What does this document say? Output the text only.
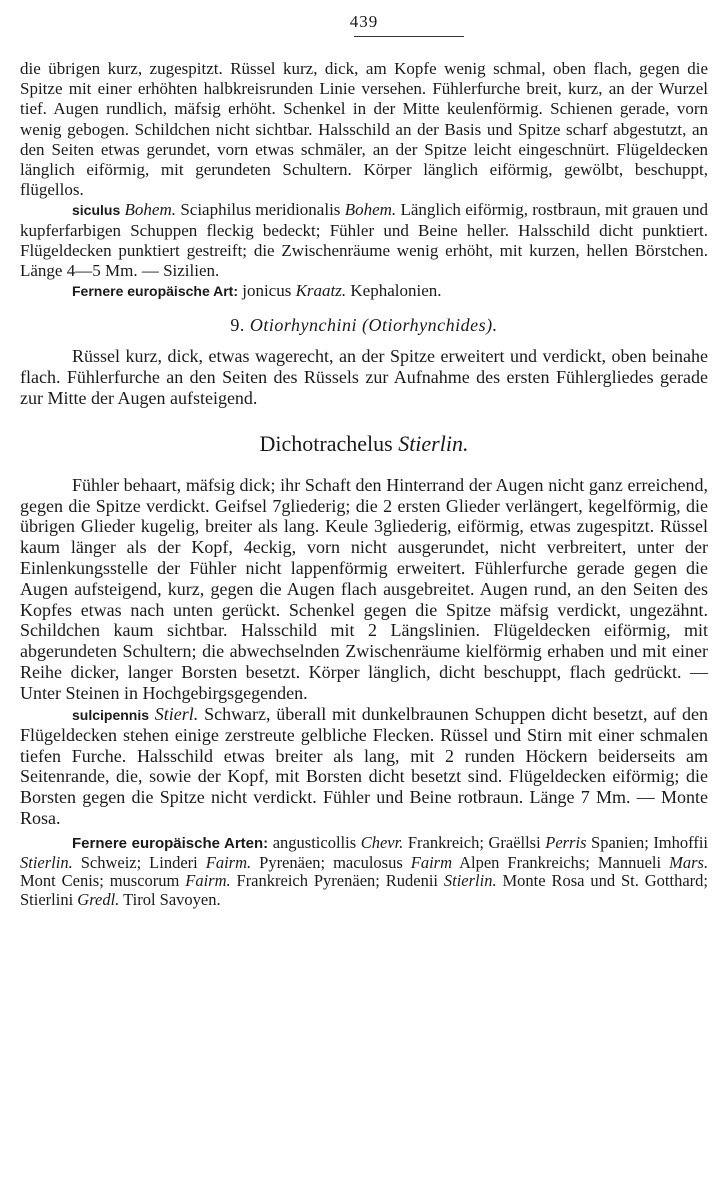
439

die übrigen kurz, zugespitzt. Rüssel kurz, dick, am Kopfe wenig schmal, oben flach, gegen die Spitze mit einer erhöhten halbkreisrunden Linie versehen. Fühlerfurche breit, kurz, an der Wurzel tief. Augen rundlich, mäfsig erhöht. Schenkel in der Mitte keulenförmig. Schienen gerade, vorn wenig gebogen. Schildchen nicht sichtbar. Halsschild an der Basis und Spitze scharf abgestutzt, an den Seiten etwas gerundet, vorn etwas schmäler, an der Spitze leicht eingeschnürt. Flügeldecken länglich eiförmig, mit gerundeten Schultern. Körper länglich eiförmig, gewölbt, beschuppt, flügellos.

siculus Bohem. Sciaphilus meridionalis Bohem. Länglich eiförmig, rostbraun, mit grauen und kupferfarbigen Schuppen fleckig bedeckt; Fühler und Beine heller. Halsschild dicht punktiert. Flügeldecken punktiert gestreift; die Zwischenräume wenig erhöht, mit kurzen, hellen Börstchen. Länge 4—5 Mm. — Sizilien.

Fernere europäische Art: jonicus Kraatz. Kephalonien.

9. Otiorhynchini (Otiorhynchides).

Rüssel kurz, dick, etwas wagerecht, an der Spitze erweitert und verdickt, oben beinahe flach. Fühlerfurche an den Seiten des Rüssels zur Aufnahme des ersten Fühlergliedes gerade zur Mitte der Augen aufsteigend.

Dichotrachelus Stierlin.

Fühler behaart, mäfsig dick; ihr Schaft den Hinterrand der Augen nicht ganz erreichend, gegen die Spitze verdickt. Geifsel 7gliederig; die 2 ersten Glieder verlängert, kegelförmig, die übrigen Glieder kugelig, breiter als lang. Keule 3gliederig, eiförmig, etwas zugespitzt. Rüssel kaum länger als der Kopf, 4eckig, vorn nicht ausgerundet, nicht verbreitert, unter der Einlenkungsstelle der Fühler nicht lappenförmig erweitert. Fühlerfurche gerade gegen die Augen aufsteigend, kurz, gegen die Augen flach ausgebreitet. Augen rund, an den Seiten des Kopfes etwas nach unten gerückt. Schenkel gegen die Spitze mäfsig verdickt, ungezähnt. Schildchen kaum sichtbar. Halsschild mit 2 Längslinien. Flügeldecken eiförmig, mit abgerundeten Schultern; die abwechselnden Zwischenräume kielförmig erhaben und mit einer Reihe dicker, langer Borsten besetzt. Körper länglich, dicht beschuppt, flach gedrückt. — Unter Steinen in Hochgebirgsgegenden.

sulcipennis Stierl. Schwarz, überall mit dunkelbraunen Schuppen dicht besetzt, auf den Flügeldecken stehen einige zerstreute gelbliche Flecken. Rüssel und Stirn mit einer schmalen tiefen Furche. Halsschild etwas breiter als lang, mit 2 runden Höckern beiderseits am Seitenrande, die, sowie der Kopf, mit Borsten dicht besetzt sind. Flügeldecken eiförmig; die Borsten gegen die Spitze nicht verdickt. Fühler und Beine rotbraun. Länge 7 Mm. — Monte Rosa.

Fernere europäische Arten: angusticollis Chevr. Frankreich; Graëllsi Perris Spanien; Imhoffii Stierlin. Schweiz; Linderi Fairm. Pyrenäen; maculosus Fairm Alpen Frankreichs; Mannueli Mars. Mont Cenis; muscorum Fairm. Frankreich Pyrenäen; Rudenii Stierlin. Monte Rosa und St. Gotthard; Stierlini Gredl. Tirol Savoyen.
